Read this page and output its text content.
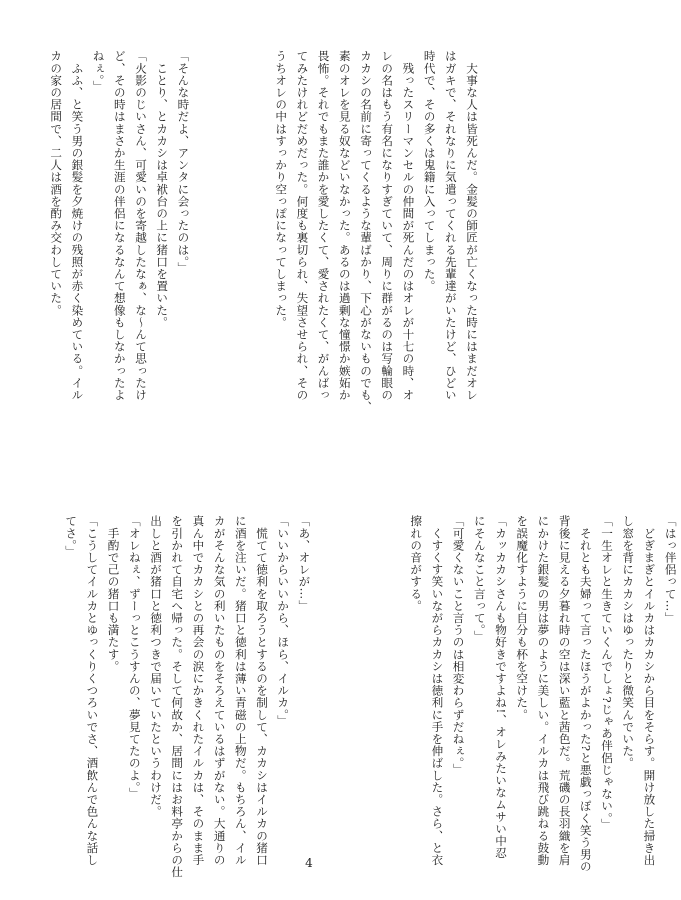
　大事な人は皆死んだ。金髪の師匠が亡くなった時にはまだオレ
はガキで、それなりに気遣ってくれる先輩達がいたけど、ひどい
時代で、その多くは鬼籍に入ってしまった。
　残ったスリーマンセルの仲間が死んだのはオレが十七の時、オ
レの名はもう有名になりすぎていて、周りに群がるのは写輪眼の
カカシの名前に寄ってくるような輩ばかり、下心がないものでも、
素のオレを見る奴などいなかった。あるのは過剰な憧憬か嫉妬か
畏怖。それでもまた誰かを愛したくて、愛されたくて、がんばっ
てみたけれどだめだった。何度も裏切られ、失望させられ、その
うちオレの中はすっかり空っぽになってしまった。
「そんな時だよ、アンタに会ったのは。」
　ことり、とカカシは卓袱台の上に猪口を置いた。
「火影のじいさん、可愛いのを寄越したなぁ、な～んて思ったけ
ど、その時はまさか生涯の伴侶になるなんて想像もしなかったよ
ねぇ。」
　ふふ、と笑う男の銀髪を夕焼けの残照が赤く染めている。イル
カの家の居間で、二人は酒を酌み交わしていた。
「はっ伴侶って…」
　どぎまぎとイルカはカカシから目をそらす。開け放した掃き出
し窓を背にカカシはゆったりと微笑んでいた。
「一生オレと生きていくんでしょ?じゃあ伴侶じゃない。」
　それとも夫婦って言ったほうがよかった?と悪戯っぽく笑う男の
背後に見える夕暮れ時の空は深い藍と茜色だ。荒磯の長羽織を肩
にかけた銀髪の男は夢のように美しい。イルカは飛び跳ねる鼓動
を誤魔化すように自分も杯を空けた。
「カッカカシさんも物好きですよね!、オレみたいなムサい中忍
にそんなこと言って。」
「可愛くないこと言うのは相変わらずだねぇ。」
　くすくす笑いながらカカシは徳利に手を伸ばした。さら、と衣
擦れの音がする。
「あ、オレが…」
「いいからいいから、ほら、イルカ。」
　慌てて徳利を取ろうとするのを制して、カカシはイルカの猪口
に酒を注いだ。猪口と徳利は薄い青磁の上物だ。もちろん、イル
カがそんな気の利いたものをそろえているはずがない。大通りの
真ん中でカカシとの再会の涙にかきくれたイルカは、そのまま手
を引かれて自宅へ帰った。そして何故か、居間にはお料亭からの仕
出しと酒が猪口と徳利つきで届いていたというわけだ。
「オレねぇ、ずーっとこうすんの、夢見てたのよ。」
　手酌で己の猪口も満たす。
「こうしてイルカとゆっくりくつろいでさ、酒飲んで色んな話し
てさ。」
4
